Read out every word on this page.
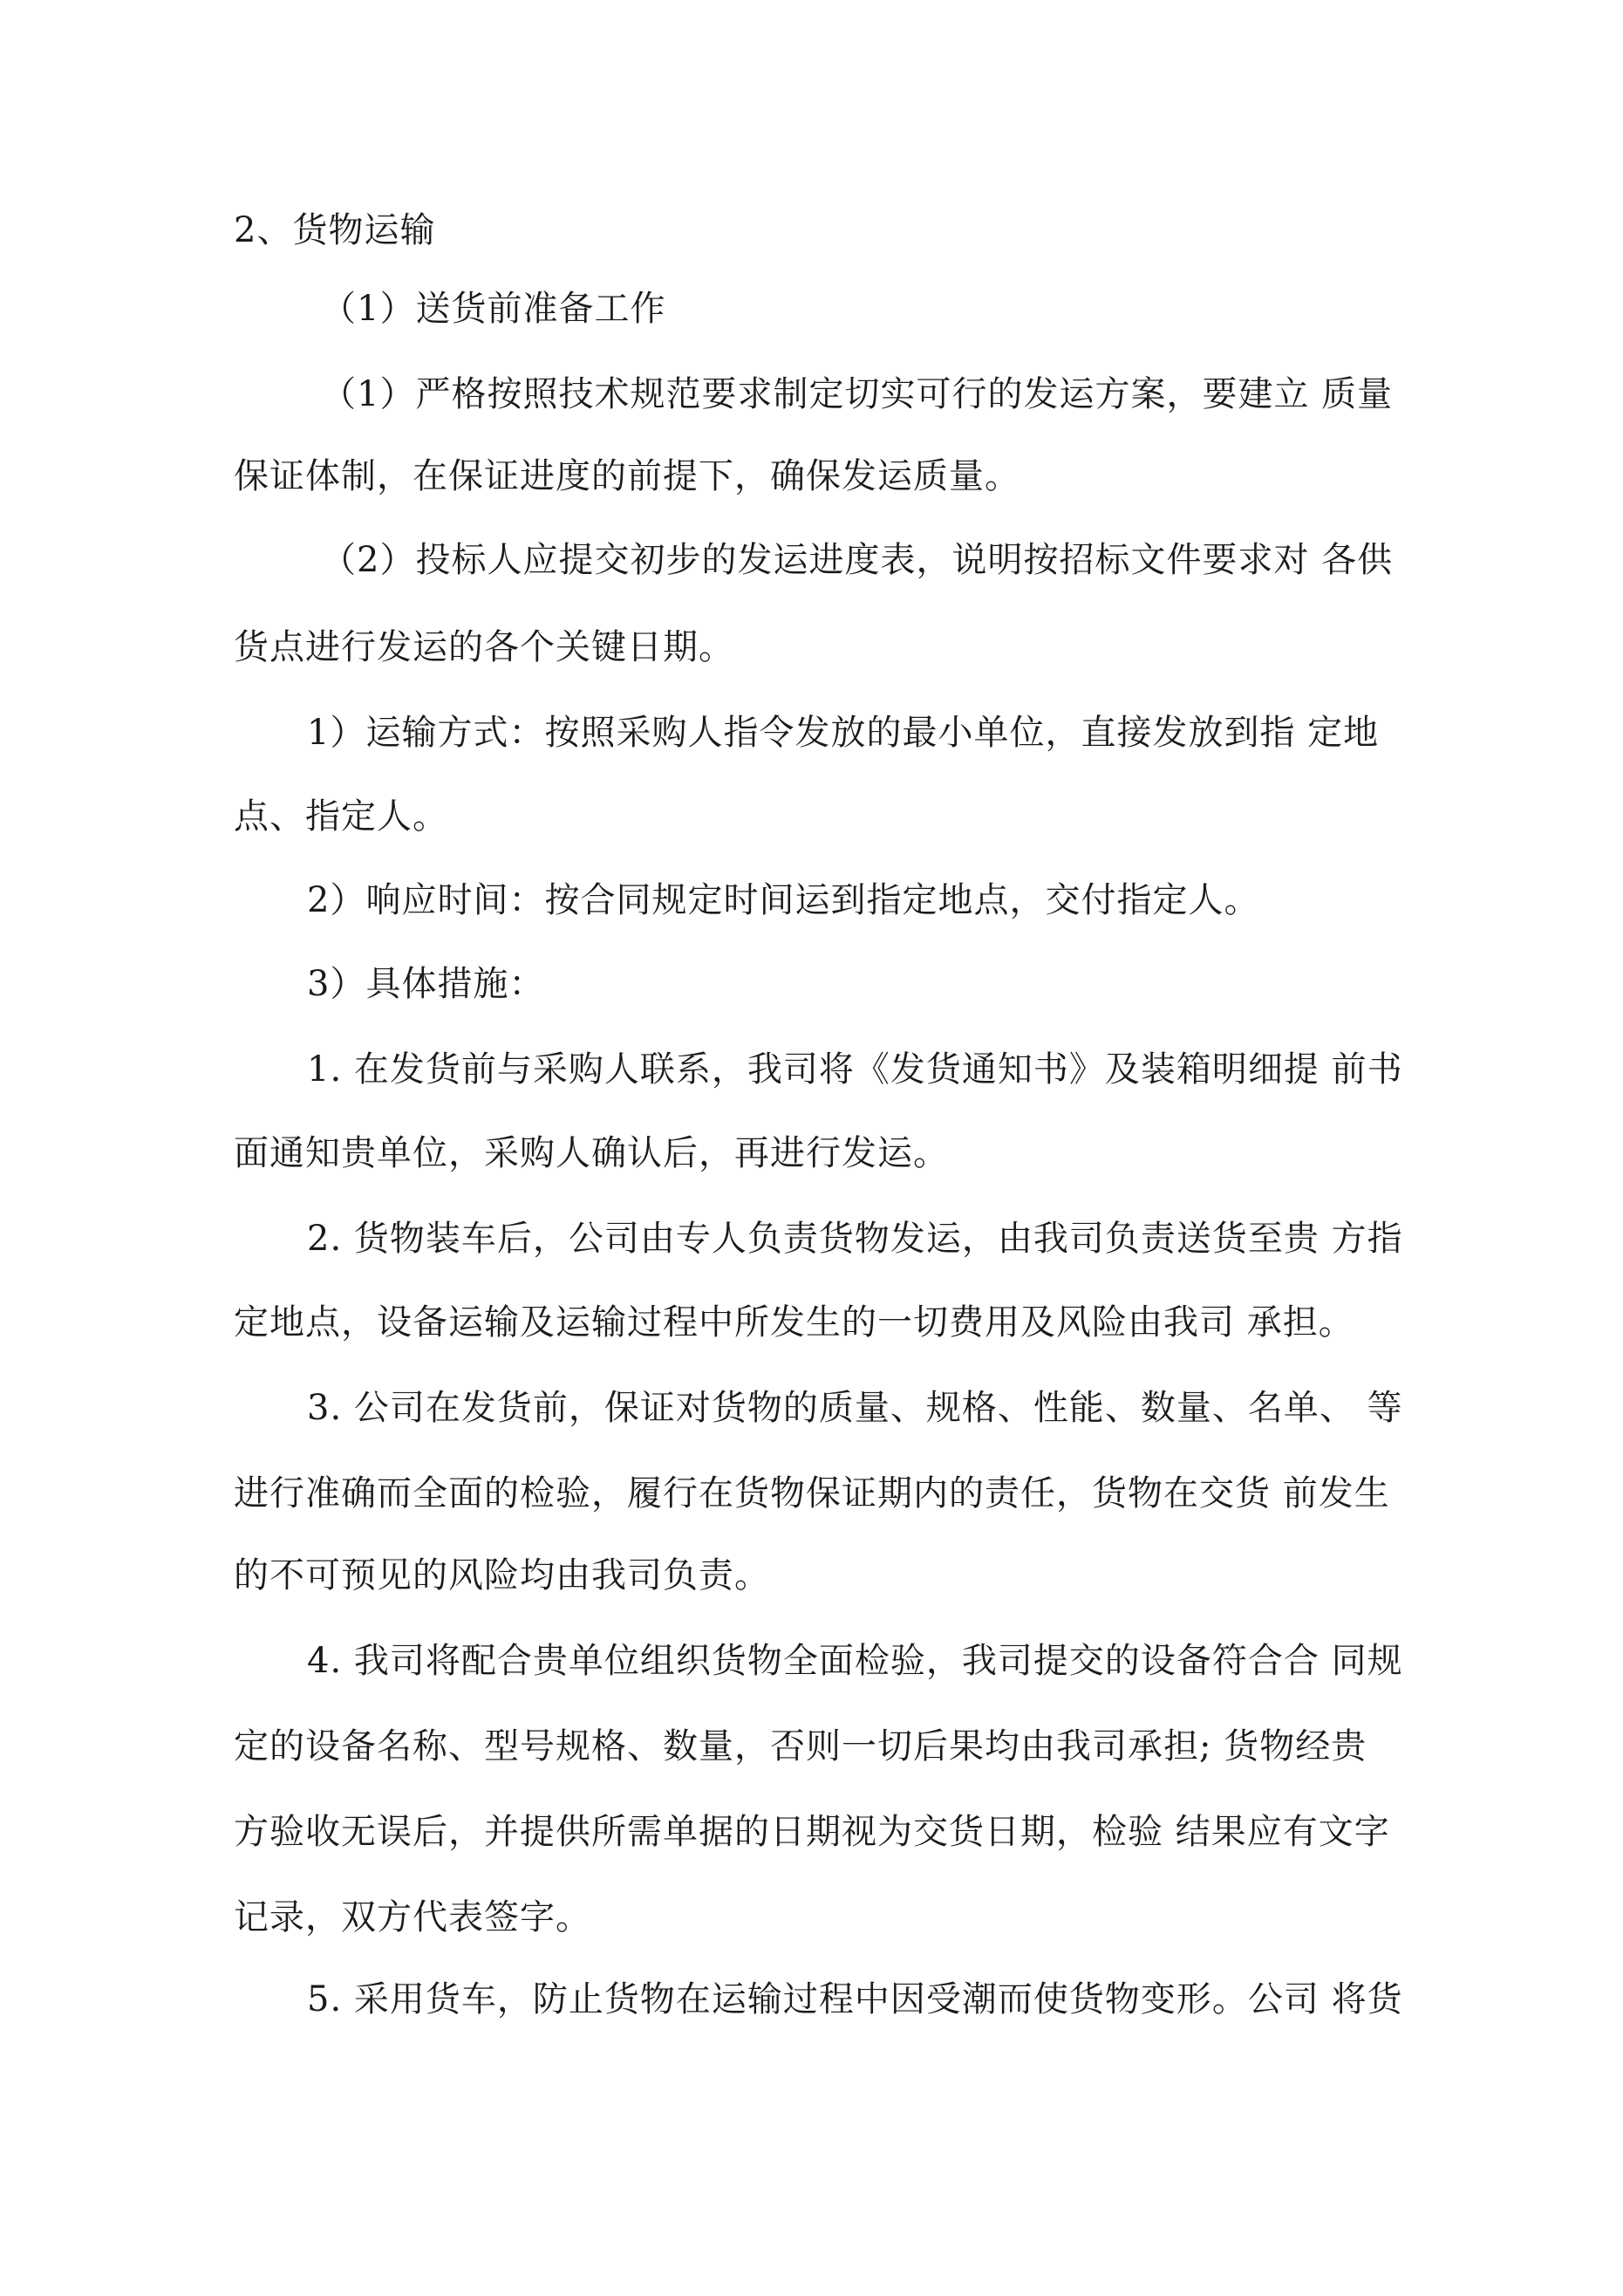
2、货物运输
（1）送货前准备工作
（1）严格按照技术规范要求制定切实可行的发运方案，要建立 质量
保证体制，在保证进度的前提下，确保发运质量。
（2）投标人应提交初步的发运进度表，说明按招标文件要求对 各供
货点进行发运的各个关键日期。
1）运输方式：按照采购人指令发放的最小单位，直接发放到指 定地
点、指定人。
2）响应时间：按合同规定时间运到指定地点，交付指定人。
3）具体措施：
1. 在发货前与采购人联系，我司将《发货通知书》及装箱明细提 前书
面通知贵单位，采购人确认后，再进行发运。
2. 货物装车后，公司由专人负责货物发运，由我司负责送货至贵 方指
定地点，设备运输及运输过程中所发生的一切费用及风险由我司 承担。
3. 公司在发货前，保证对货物的质量、规格、性能、数量、名单、 等
进行准确而全面的检验，履行在货物保证期内的责任，货物在交货 前发生
的不可预见的风险均由我司负责。
4. 我司将配合贵单位组织货物全面检验，我司提交的设备符合合 同规
定的设备名称、型号规格、数量，否则一切后果均由我司承担; 货物经贵
方验收无误后，并提供所需单据的日期视为交货日期，检验 结果应有文字
记录，双方代表签字。
5. 采用货车，防止货物在运输过程中因受潮而使货物变形。公司 将货
